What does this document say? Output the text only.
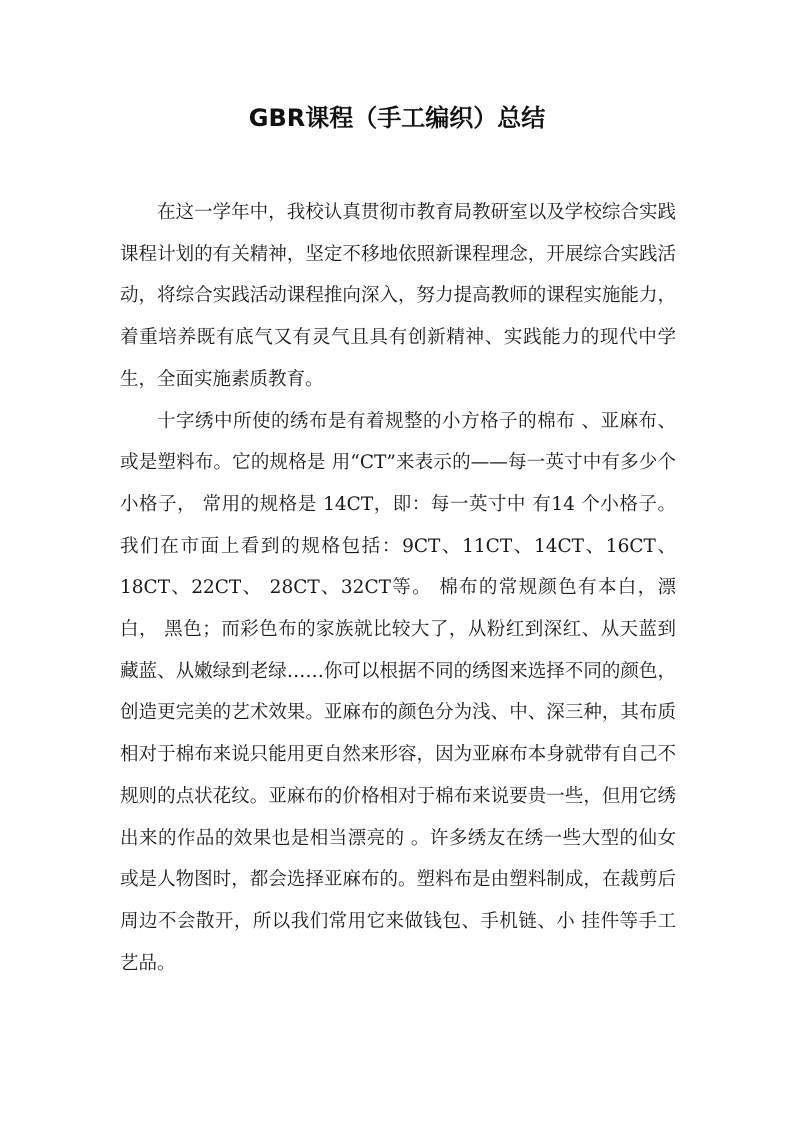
GBR课程（手工编织）总结

在这一学年中，我校认真贯彻市教育局教研室以及学校综合实践课程计划的有关精神，坚定不移地依照新课程理念，开展综合实践活动，将综合实践活动课程推向深入，努力提高教师的课程实施能力，着重培养既有底气又有灵气且具有创新精神、实践能力的现代中学生，全面实施素质教育。

十字绣中所使的绣布是有着规整的小方格子的棉布 、亚麻布、或是塑料布。它的规格是 用“CT”来表示的——每一英寸中有多少个小格子， 常用的规格是 14CT，即：每一英寸中 有14 个小格子。我们在市面上看到的规格包括：9CT、11CT、14CT、16CT、18CT、22CT、 28CT、32CT等。 棉布的常规颜色有本白，漂白， 黑色；而彩色布的家族就比较大了，从粉红到深红、从天蓝到藏蓝、从嫩绿到老绿……你可以根据不同的绣图来选择不同的颜色，创造更完美的艺术效果。亚麻布的颜色分为浅、中、深三种，其布质相对于棉布来说只能用更自然来形容，因为亚麻布本身就带有自己不规则的点状花纹。亚麻布的价格相对于棉布来说要贵一些，但用它绣出来的作品的效果也是相当漂亮的 。许多绣友在绣一些大型的仙女或是人物图时，都会选择亚麻布的。塑料布是由塑料制成，在裁剪后周边不会散开，所以我们常用它来做钱包、手机链、小 挂件等手工艺品。
